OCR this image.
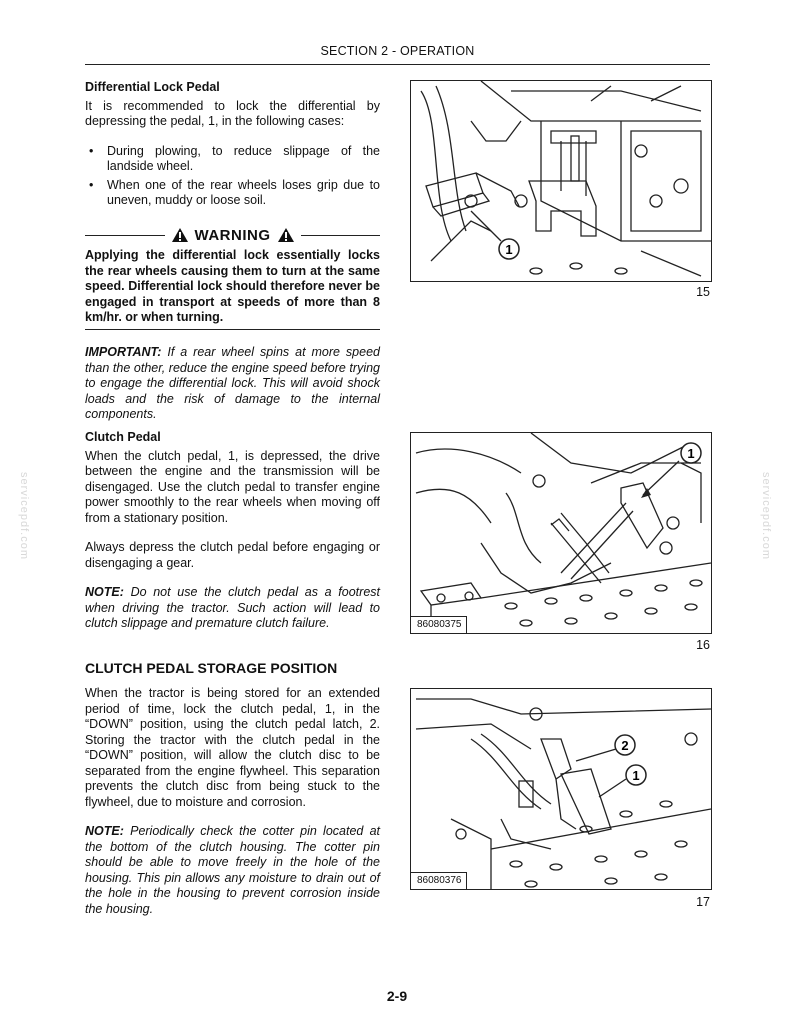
SECTION 2 - OPERATION

Differential Lock Pedal

It is recommended to lock the differential by depressing the pedal, 1, in the following cases:

• During plowing, to reduce slippage of the landside wheel.
• When one of the rear wheels loses grip due to uneven, muddy or loose soil.
WARNING

Applying the differential lock essentially locks the rear wheels causing them to turn at the same speed. Differential lock should therefore never be engaged in transport at speeds of more than 8 km/hr. or when turning.

IMPORTANT: If a rear wheel spins at more speed than the other, reduce the engine speed before trying to engage the differential lock. This will avoid shock loads and the risk of damage to the internal components.

Clutch Pedal

When the clutch pedal, 1, is depressed, the drive between the engine and the transmission will be disengaged. Use the clutch pedal to transfer engine power smoothly to the rear wheels when moving off from a stationary position.

Always depress the clutch pedal before engaging or disengaging a gear.

NOTE: Do not use the clutch pedal as a footrest when driving the tractor. Such action will lead to clutch slippage and premature clutch failure.

CLUTCH PEDAL STORAGE POSITION

When the tractor is being stored for an extended period of time, lock the clutch pedal, 1, in the “DOWN” position, using the clutch pedal latch, 2. Storing the tractor with the clutch pedal in the “DOWN” position, will allow the clutch disc to be separated from the engine flywheel. This separation prevents the clutch disc from being stuck to the flywheel, due to moisture and corrosion.

NOTE: Periodically check the cotter pin located at the bottom of the clutch housing. The cotter pin should be able to move freely in the hole of the housing. This pin allows any moisture to drain out of the hole in the housing to prevent corrosion inside the housing.

1
15
1
86080375
16
2
1
86080376
17
servicepdf.com	servicepdf.com
2-9
